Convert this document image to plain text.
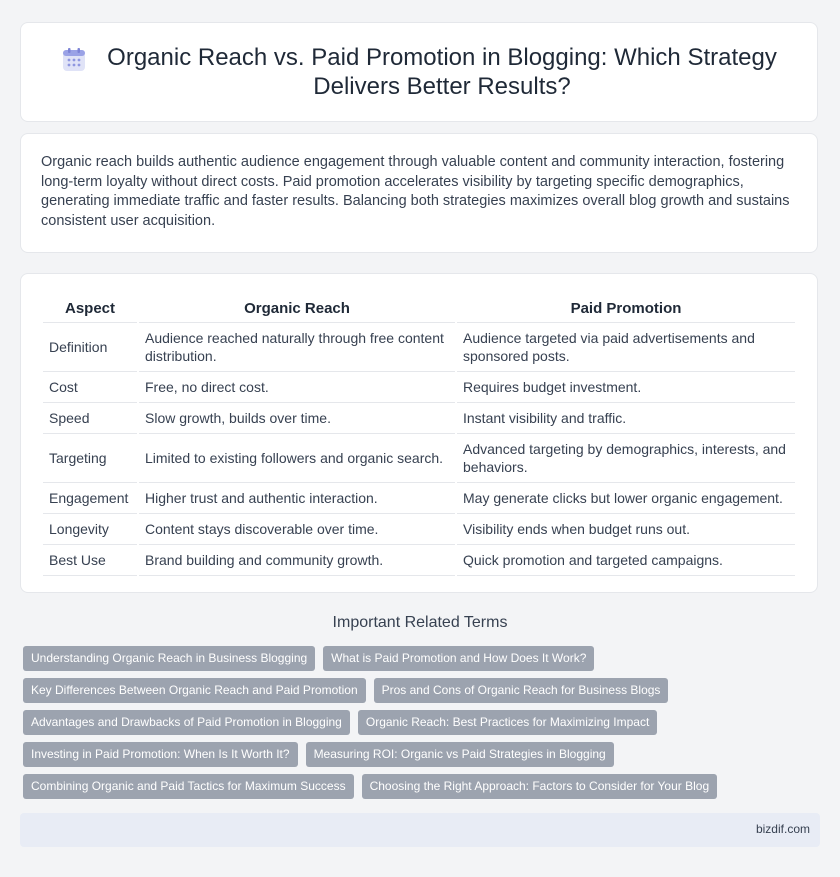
Organic Reach vs. Paid Promotion in Blogging: Which Strategy Delivers Better Results?

Organic reach builds authentic audience engagement through valuable content and community interaction, fostering long-term loyalty without direct costs. Paid promotion accelerates visibility by targeting specific demographics, generating immediate traffic and faster results. Balancing both strategies maximizes overall blog growth and sustains consistent user acquisition.

Aspect	Organic Reach	Paid Promotion
Definition	Audience reached naturally through free content distribution.	Audience targeted via paid advertisements and sponsored posts.
Cost	Free, no direct cost.	Requires budget investment.
Speed	Slow growth, builds over time.	Instant visibility and traffic.
Targeting	Limited to existing followers and organic search.	Advanced targeting by demographics, interests, and behaviors.
Engagement	Higher trust and authentic interaction.	May generate clicks but lower organic engagement.
Longevity	Content stays discoverable over time.	Visibility ends when budget runs out.
Best Use	Brand building and community growth.	Quick promotion and targeted campaigns.
Important Related Terms
Understanding Organic Reach in Business Blogging	What is Paid Promotion and How Does It Work?
Key Differences Between Organic Reach and Paid Promotion	Pros and Cons of Organic Reach for Business Blogs
Advantages and Drawbacks of Paid Promotion in Blogging	Organic Reach: Best Practices for Maximizing Impact
Investing in Paid Promotion: When Is It Worth It?	Measuring ROI: Organic vs Paid Strategies in Blogging
Combining Organic and Paid Tactics for Maximum Success	Choosing the Right Approach: Factors to Consider for Your Blog
bizdif.com
